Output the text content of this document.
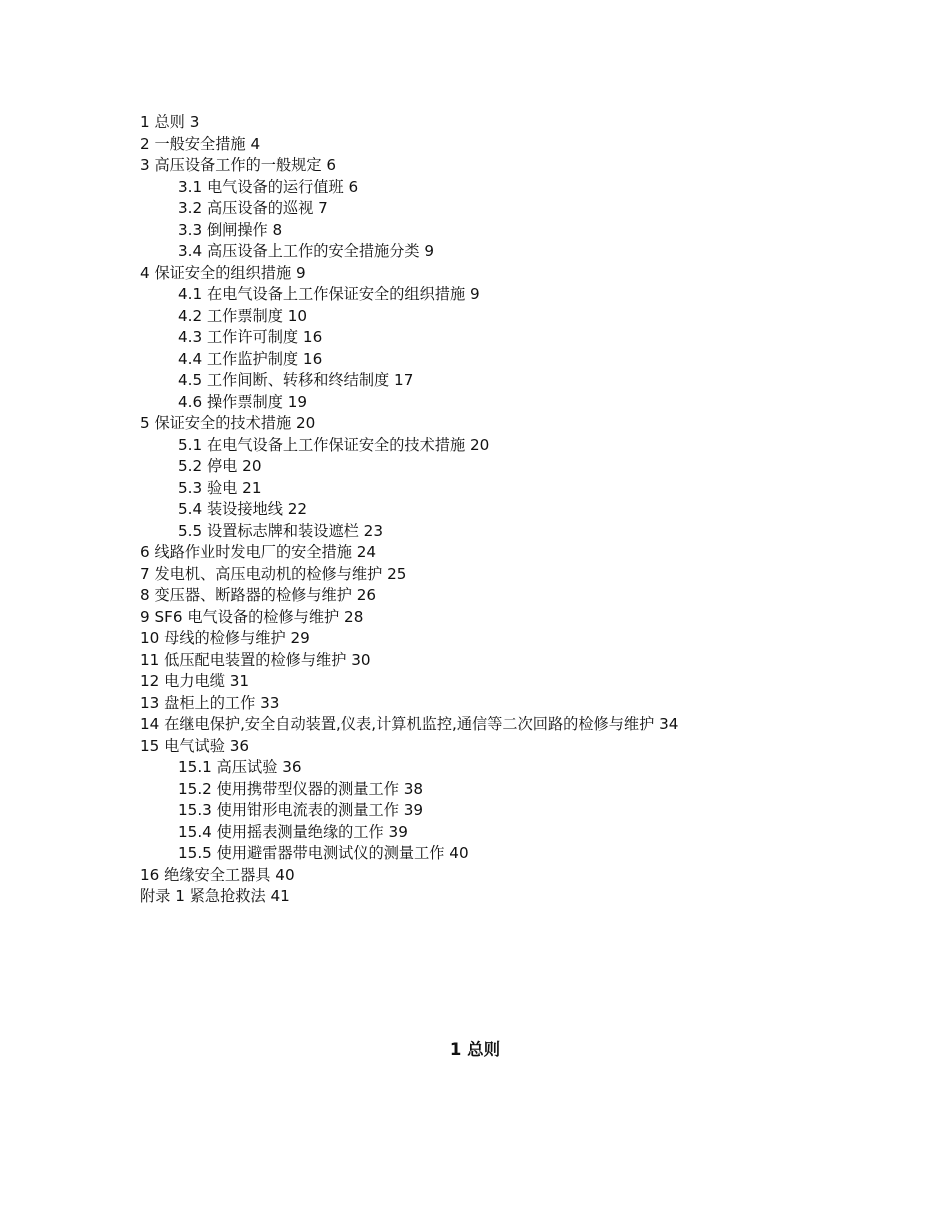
1 总则 3
2 一般安全措施 4
3 高压设备工作的一般规定 6
3.1 电气设备的运行值班 6
3.2 高压设备的巡视 7
3.3 倒闸操作 8
3.4 高压设备上工作的安全措施分类 9
4 保证安全的组织措施 9
4.1 在电气设备上工作保证安全的组织措施 9
4.2 工作票制度 10
4.3 工作许可制度 16
4.4 工作监护制度 16
4.5 工作间断、转移和终结制度 17
4.6 操作票制度 19
5 保证安全的技术措施 20
5.1 在电气设备上工作保证安全的技术措施 20
5.2 停电 20
5.3 验电 21
5.4 装设接地线 22
5.5 设置标志牌和装设遮栏 23
6 线路作业时发电厂的安全措施 24
7 发电机、高压电动机的检修与维护 25
8 变压器、断路器的检修与维护 26
9 SF6 电气设备的检修与维护 28
10 母线的检修与维护 29
11 低压配电装置的检修与维护 30
12 电力电缆 31
13 盘柜上的工作 33
14 在继电保护,安全自动装置,仪表,计算机监控,通信等二次回路的检修与维护 34
15 电气试验 36
15.1 高压试验 36
15.2 使用携带型仪器的测量工作 38
15.3 使用钳形电流表的测量工作 39
15.4 使用摇表测量绝缘的工作 39
15.5 使用避雷器带电测试仪的测量工作 40
16 绝缘安全工器具 40
附录 1 紧急抢救法 41
1 总则
